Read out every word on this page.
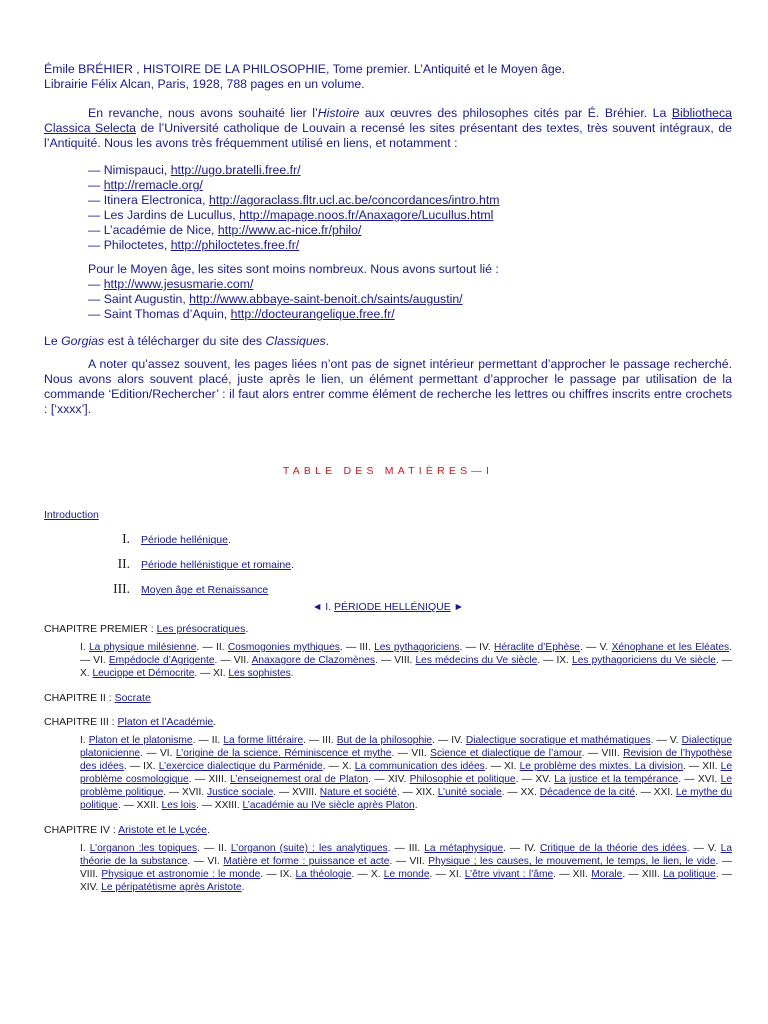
Émile BRÉHIER , HISTOIRE DE LA PHILOSOPHIE, Tome premier. L’Antiquité et le Moyen âge.
Librairie Félix Alcan, Paris, 1928, 788 pages en un volume.

En revanche, nous avons souhaité lier l’Histoire aux œuvres des philosophes cités par É. Bréhier. La Bibliotheca Classica Selecta de l’Université catholique de Louvain a recensé les sites présentant des textes, très souvent intégraux, de l’Antiquité. Nous les avons très fréquemment utilisé en liens, et notamment :

— Nimispauci, http://ugo.bratelli.free.fr/
— http://remacle.org/
— Itinera Electronica, http://agoraclass.fltr.ucl.ac.be/concordances/intro.htm
— Les Jardins de Lucullus, http://mapage.noos.fr/Anaxagore/Lucullus.html
— L’académie de Nice, http://www.ac-nice.fr/philo/
— Philoctetes, http://philoctetes.free.fr/
Pour le Moyen âge, les sites sont moins nombreux. Nous avons surtout lié :
— http://www.jesusmarie.com/
— Saint Augustin, http://www.abbaye-saint-benoit.ch/saints/augustin/
— Saint Thomas d’Aquin, http://docteurangelique.free.fr/

Le Gorgias est à télécharger du site des Classiques.

A noter qu’assez souvent, les pages liées n’ont pas de signet intérieur permettant d’approcher le passage recherché. Nous avons alors souvent placé, juste après le lien, un élément permettant d’approcher le passage par utilisation de la commande ‘Edition/Rechercher’ : il faut alors entrer comme élément de recherche les lettres ou chiffres inscrits entre crochets : [‘xxxx’].

TABLE DES MATIÈRES—I
Introduction
I. Période hellénique.
II. Période hellénistique et romaine.
III. Moyen âge et Renaissance
◄ I. PÉRIODE HELLÉNIQUE ►
CHAPITRE PREMIER : Les présocratiques.
I. La physique milésienne. — II. Cosmogonies mythiques. — III. Les pythagoriciens. — IV. Héraclite d’Ephèse. — V. Xénophane et les Eléates. — VI. Empédocle d’Agrigente. — VII. Anaxagore de Clazomènes. — VIII. Les médecins du Ve siècle. — IX. Les pythagoriciens du Ve siècle. — X. Leucippe et Démocrite. — XI. Les sophistes.
CHAPITRE II : Socrate
CHAPITRE III : Platon et l’Académie.
I. Platon et le platonisme. — II. La forme littéraire. — III. But de la philosophie. — IV. Dialectique socratique et mathématiques. — V. Dialectique platonicienne. — VI. L’origine de la science. Réminiscence et mythe. — VII. Science et dialectique de l’amour. — VIII. Revision de l’hypothèse des idées. — IX. L’exercice dialectique du Parménide. — X. La communication des idées. — XI. Le problème des mixtes. La division. — XII. Le problème cosmologique. — XIII. L’enseignemest oral de Platon. — XIV. Philosophie et politique. — XV. La justice et la tempérance. — XVI. Le problème politique. — XVII. Justice sociale. — XVIII. Nature et société. — XIX. L’unité sociale. — XX. Décadence de la cité. — XXI. Le mythe du politique. — XXII. Les lois. — XXIII. L’académie au IVe siècle après Platon.
CHAPITRE IV : Aristote et le Lycée.
I. L’organon :les topiques. — II. L’organon (suite) : les analytiques. — III. La métaphysique. — IV. Critique de la théorie des idées. — V. La théorie de la substance. — VI. Matière et forme : puissance et acte. — VII. Physique ; les causes, le mouvement, le temps, le lien, le vide. — VIII. Physique et astronomie : le monde. — IX. La théologie. — X. Le monde. — XI. L’être vivant : l’âme. — XII. Morale. — XIII. La politique. — XIV. Le péripatétisme après Aristote.
